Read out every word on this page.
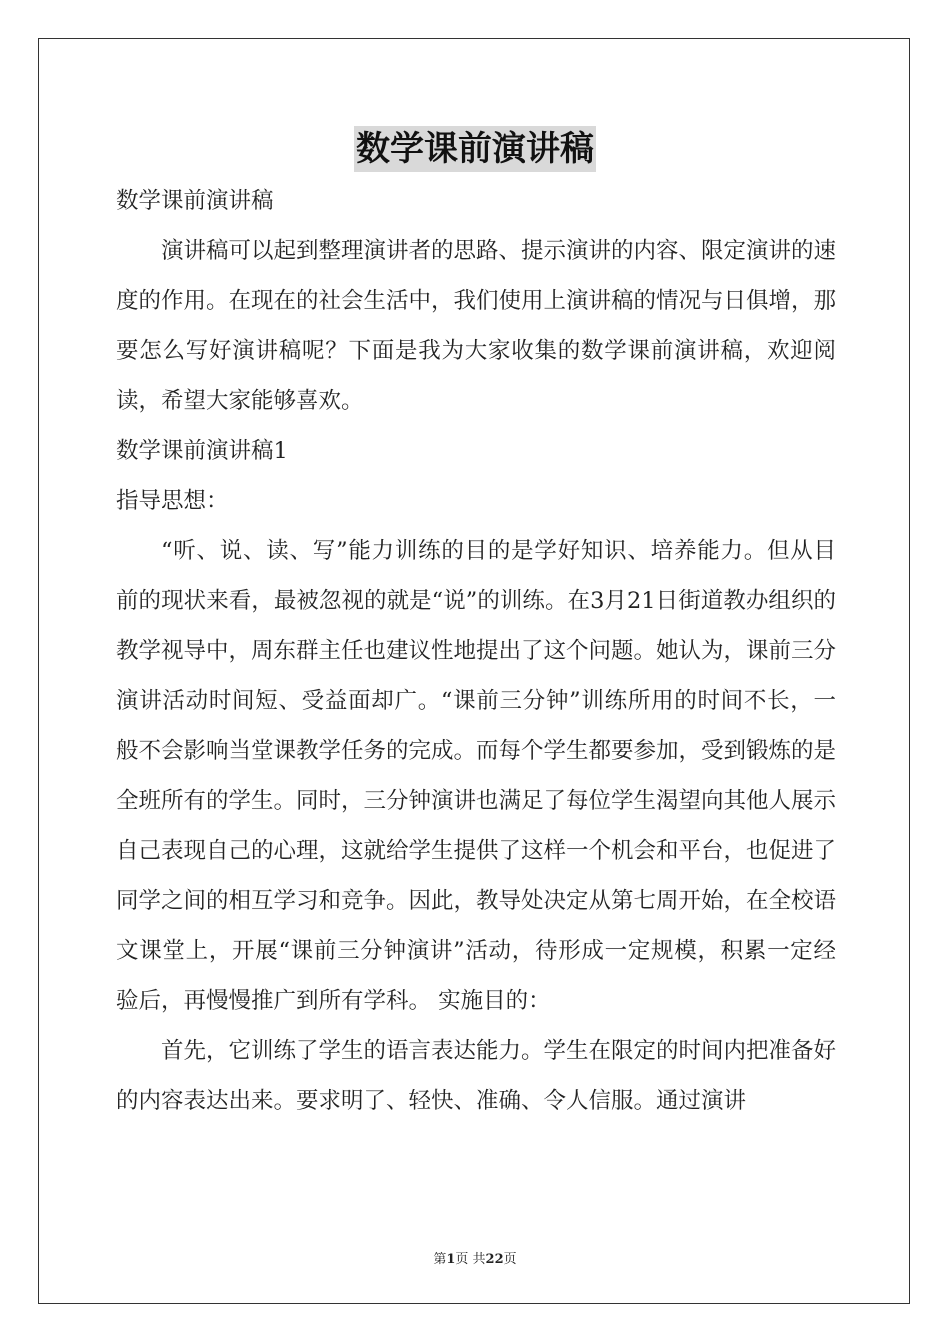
数学课前演讲稿

数学课前演讲稿

演讲稿可以起到整理演讲者的思路、提示演讲的内容、限定演讲的速度的作用。在现在的社会生活中，我们使用上演讲稿的情况与日俱增，那要怎么写好演讲稿呢？下面是我为大家收集的数学课前演讲稿，欢迎阅读，希望大家能够喜欢。

数学课前演讲稿1

指导思想：

“听、说、读、写”能力训练的目的是学好知识、培养能力。但从目前的现状来看，最被忽视的就是“说”的训练。在3月21日街道教办组织的教学视导中，周东群主任也建议性地提出了这个问题。她认为，课前三分演讲活动时间短、受益面却广。“课前三分钟”训练所用的时间不长，一般不会影响当堂课教学任务的完成。而每个学生都要参加，受到锻炼的是全班所有的学生。同时，三分钟演讲也满足了每位学生渴望向其他人展示自己表现自己的心理，这就给学生提供了这样一个机会和平台，也促进了同学之间的相互学习和竞争。因此，教导处决定从第七周开始，在全校语文课堂上，开展“课前三分钟演讲”活动，待形成一定规模，积累一定经验后，再慢慢推广到所有学科。 实施目的：

首先，它训练了学生的语言表达能力。学生在限定的时间内把准备好的内容表达出来。要求明了、轻快、准确、令人信服。通过演讲

第1页 共22页
